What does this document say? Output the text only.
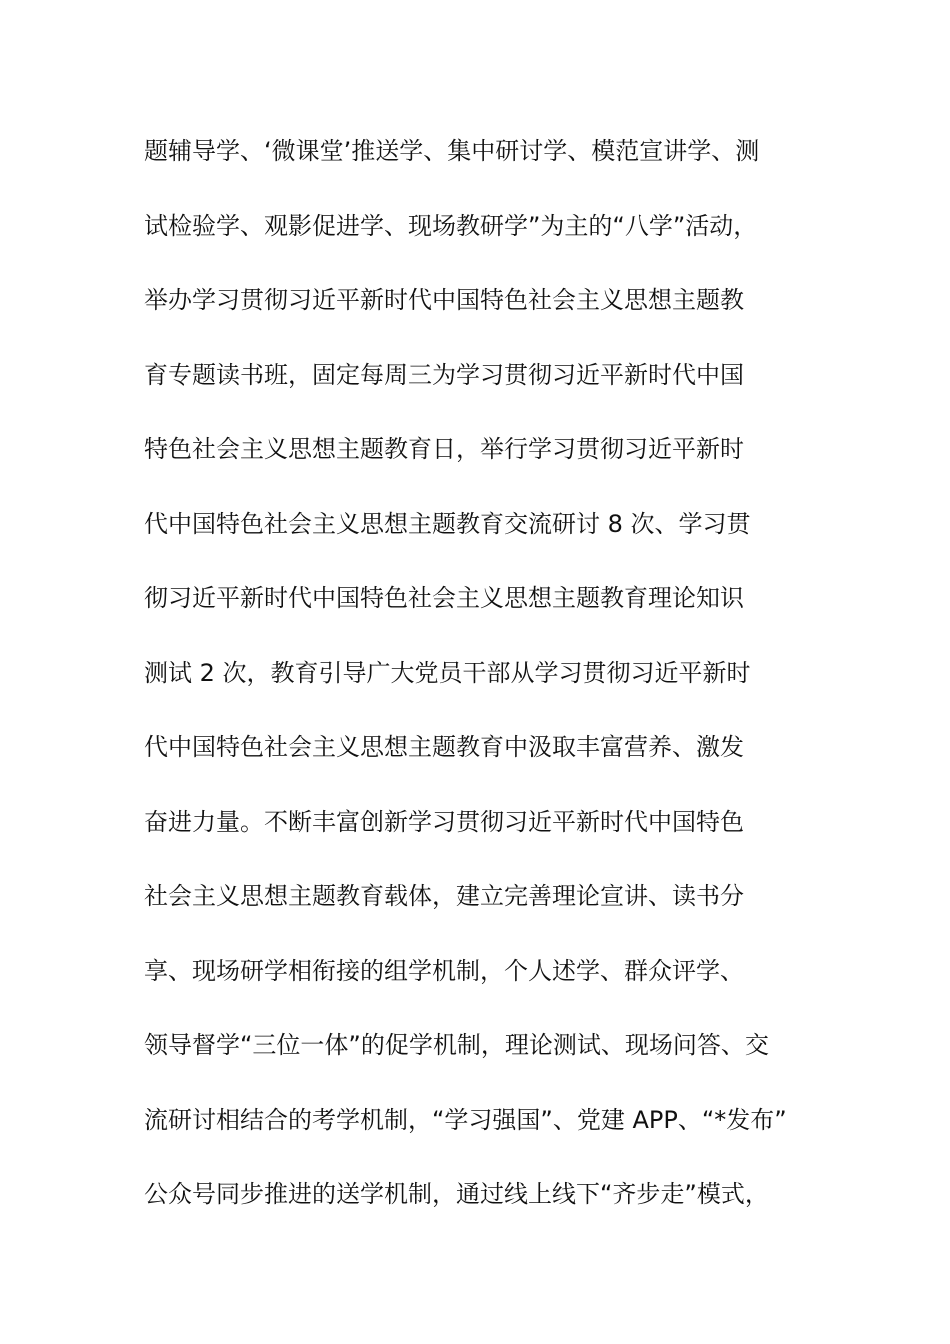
题辅导学、‘微课堂’推送学、集中研讨学、模范宣讲学、测
试检验学、观影促进学、现场教研学”为主的“八学”活动，
举办学习贯彻习近平新时代中国特色社会主义思想主题教
育专题读书班，固定每周三为学习贯彻习近平新时代中国
特色社会主义思想主题教育日，举行学习贯彻习近平新时
代中国特色社会主义思想主题教育交流研讨 8 次、学习贯
彻习近平新时代中国特色社会主义思想主题教育理论知识
测试 2 次，教育引导广大党员干部从学习贯彻习近平新时
代中国特色社会主义思想主题教育中汲取丰富营养、激发
奋进力量。不断丰富创新学习贯彻习近平新时代中国特色
社会主义思想主题教育载体，建立完善理论宣讲、读书分
享、现场研学相衔接的组学机制，个人述学、群众评学、
领导督学“三位一体”的促学机制，理论测试、现场问答、交
流研讨相结合的考学机制，“学习强国”、党建 APP、“*发布”
公众号同步推进的送学机制，通过线上线下“齐步走”模式，
